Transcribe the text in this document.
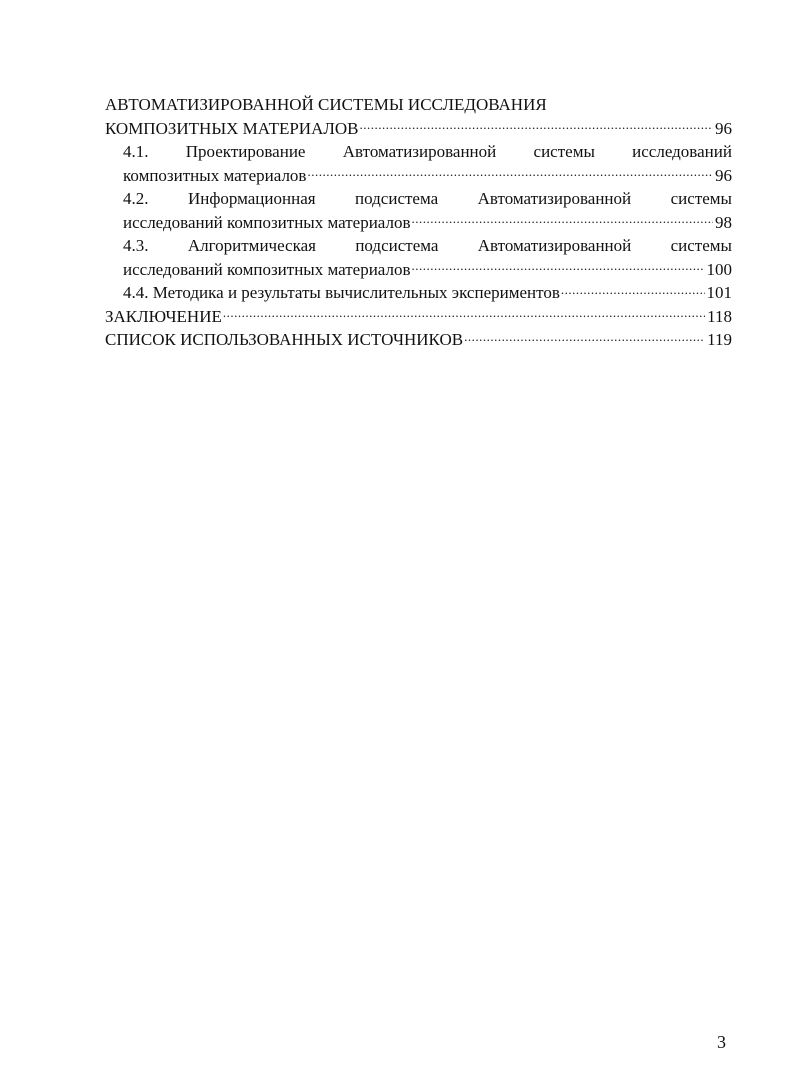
АВТОМАТИЗИРОВАННОЙ СИСТЕМЫ ИССЛЕДОВАНИЯ
КОМПОЗИТНЫХ МАТЕРИАЛОВ .....	96
4.1. Проектирование Автоматизированной системы исследований
композитных материалов .....	96
4.2. Информационная подсистема Автоматизированной системы
исследований композитных материалов .....	98
4.3. Алгоритмическая подсистема Автоматизированной системы
исследований композитных материалов .....	100
4.4. Методика и результаты вычислительных экспериментов .....	101
ЗАКЛЮЧЕНИЕ .....	118
СПИСОК ИСПОЛЬЗОВАННЫХ ИСТОЧНИКОВ .....	119
3
